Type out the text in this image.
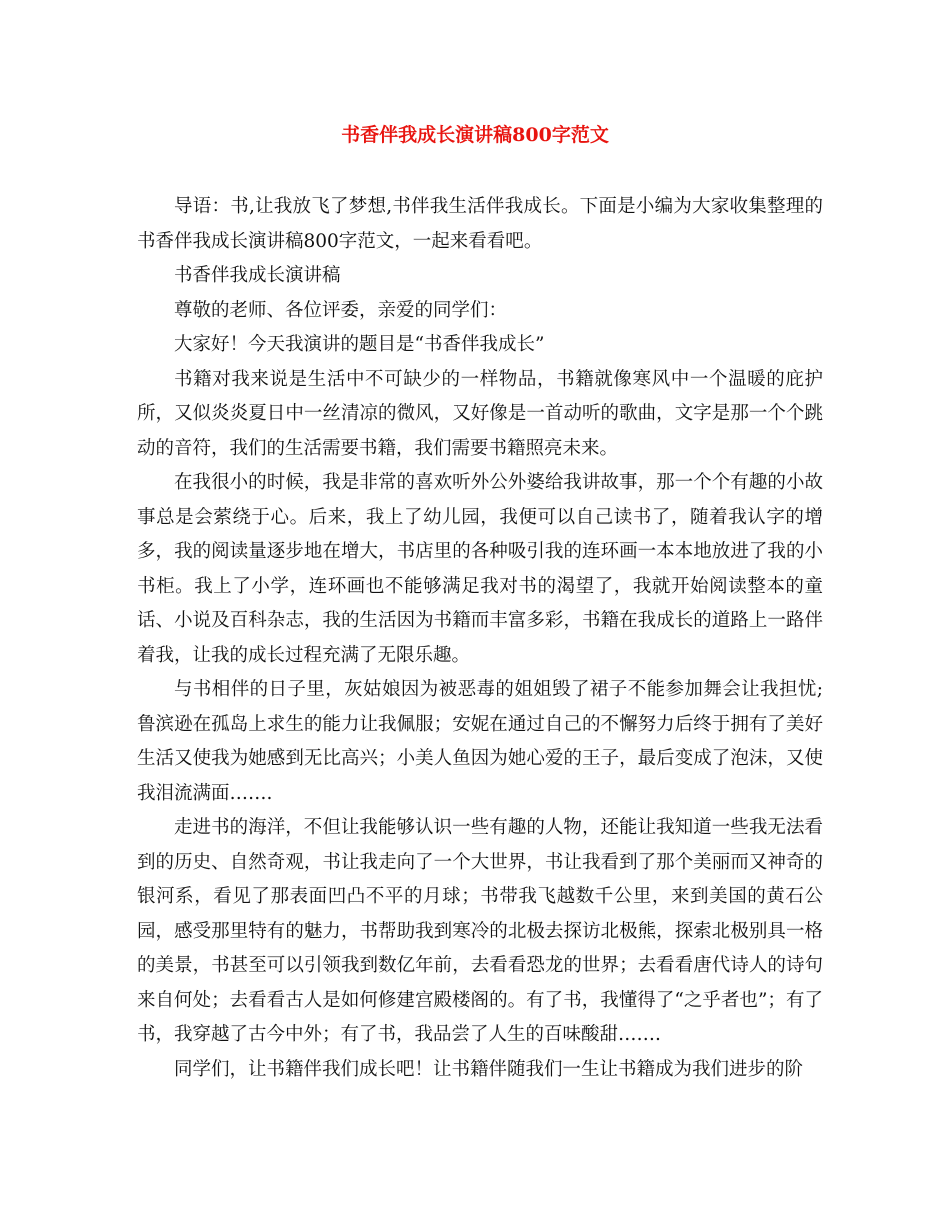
书香伴我成长演讲稿800字范文

导语：书,让我放飞了梦想,书伴我生活伴我成长。下面是小编为大家收集整理的书香伴我成长演讲稿800字范文，一起来看看吧。

书香伴我成长演讲稿

尊敬的老师、各位评委，亲爱的同学们：

大家好！今天我演讲的题目是“书香伴我成长”

书籍对我来说是生活中不可缺少的一样物品，书籍就像寒风中一个温暖的庇护所，又似炎炎夏日中一丝清凉的微风，又好像是一首动听的歌曲，文字是那一个个跳动的音符，我们的生活需要书籍，我们需要书籍照亮未来。

在我很小的时候，我是非常的喜欢听外公外婆给我讲故事，那一个个有趣的小故事总是会萦绕于心。后来，我上了幼儿园，我便可以自己读书了，随着我认字的增多，我的阅读量逐步地在增大，书店里的各种吸引我的连环画一本本地放进了我的小书柜。我上了小学，连环画也不能够满足我对书的渴望了，我就开始阅读整本的童话、小说及百科杂志，我的生活因为书籍而丰富多彩，书籍在我成长的道路上一路伴着我，让我的成长过程充满了无限乐趣。

与书相伴的日子里，灰姑娘因为被恶毒的姐姐毁了裙子不能参加舞会让我担忧;鲁滨逊在孤岛上求生的能力让我佩服；安妮在通过自己的不懈努力后终于拥有了美好生活又使我为她感到无比高兴；小美人鱼因为她心爱的王子，最后变成了泡沫，又使我泪流满面…….

走进书的海洋，不但让我能够认识一些有趣的人物，还能让我知道一些我无法看到的历史、自然奇观，书让我走向了一个大世界，书让我看到了那个美丽而又神奇的银河系，看见了那表面凹凸不平的月球；书带我飞越数千公里，来到美国的黄石公园，感受那里特有的魅力，书帮助我到寒冷的北极去探访北极熊，探索北极别具一格的美景，书甚至可以引领我到数亿年前，去看看恐龙的世界；去看看唐代诗人的诗句来自何处；去看看古人是如何修建宫殿楼阁的。有了书，我懂得了“之乎者也”；有了书，我穿越了古今中外；有了书，我品尝了人生的百味酸甜…….

同学们，让书籍伴我们成长吧！让书籍伴随我们一生让书籍成为我们进步的阶
